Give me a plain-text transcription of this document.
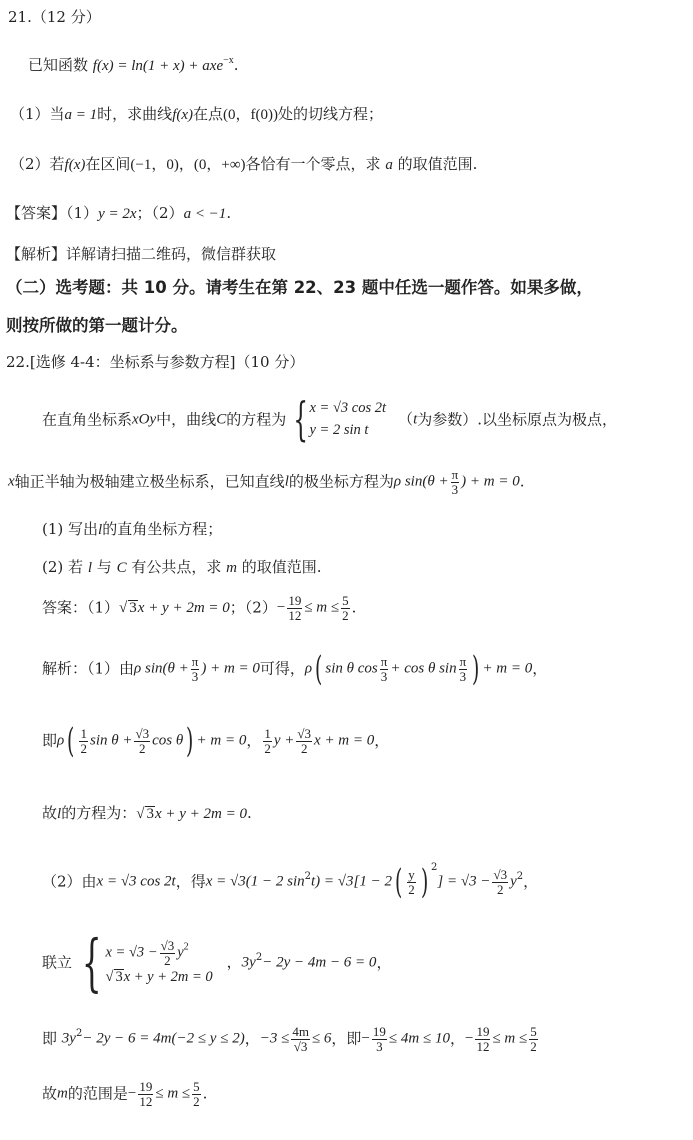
21.（12 分）
已知函数 f(x) = ln(1 + x) + axe$^{-x}$.
（1）当a = 1时，求曲线f(x)在点(0，f(0))处的切线方程；
（2）若f(x)在区间(−1，0)，(0，+∞)各恰有一个零点，求 a 的取值范围.
【答案】（1）y = 2x；（2）a < −1.
【解析】详解请扫描二维码，微信群获取
（二）选考题：共 10 分。请考生在第 22、23 题中任选一题作答。如果多做，
则按所做的第一题计分。
22.[选修 4-4：坐标系与参数方程]（10 分）
在直角坐标系xOy中，曲线C的方程为 { x = √3 cos 2t
y = 2 sin t
（t为参数）.以坐标原点为极点，
x轴正半轴为极轴建立极坐标系，已知直线l的极坐标方程为ρ $\sin(\theta + \frac{\pi}{3}$ ) + m = 0.
(1) 写出l的直角坐标方程；
(2) 若 l 与 C 有公共点，求 m 的取值范围.
答案：（1）√ 3x + y + 2m = 0；$(2)- \frac{19}{12} \le m \le \frac{5}{2}$ .
解析：（1）由ρ $\sin(\theta + \frac{\pi}{3}$ ) + m = 0可得，ρ( sin θ $\cos \frac{\pi}{3} + \cos \theta$ $\sin \frac{\pi}{3}$ ) + m = 0，
即$\rho( \frac{1}{2}$ $\sin \theta + \frac{√3}{2}$ cos θ) + m = 0， $\frac{1}{2}$ $y + \frac{√3}{2}$ x + m = 0，
故l的方程为：√ 3x + y + 2m = 0.
（2）由x = √3 cos 2t，得x = √3(1 − 2 $\sin^2t) = √3[1 - 2( \frac{y}{2}$ ) $^2] = √3 - \frac{√3}{2} y^2$，
联立 { $x = √3 - \frac{√3}{2} y^2$
√ 3x + y + 2m = 0
，$3y^2- 2y - 4m - 6 = 0$，
即 $3y^2- 2y - 6 = 4m(-2 \le y \le 2)$，$-3 \le \frac{4m}{√3} \le 6$，即− $\frac{19}{3} \le 4m \le 10$，− $\frac{19}{12} \le m \le \frac{5}{2}$
故m的范围是− $\frac{19}{12} \le m \le \frac{5}{2}$ .
